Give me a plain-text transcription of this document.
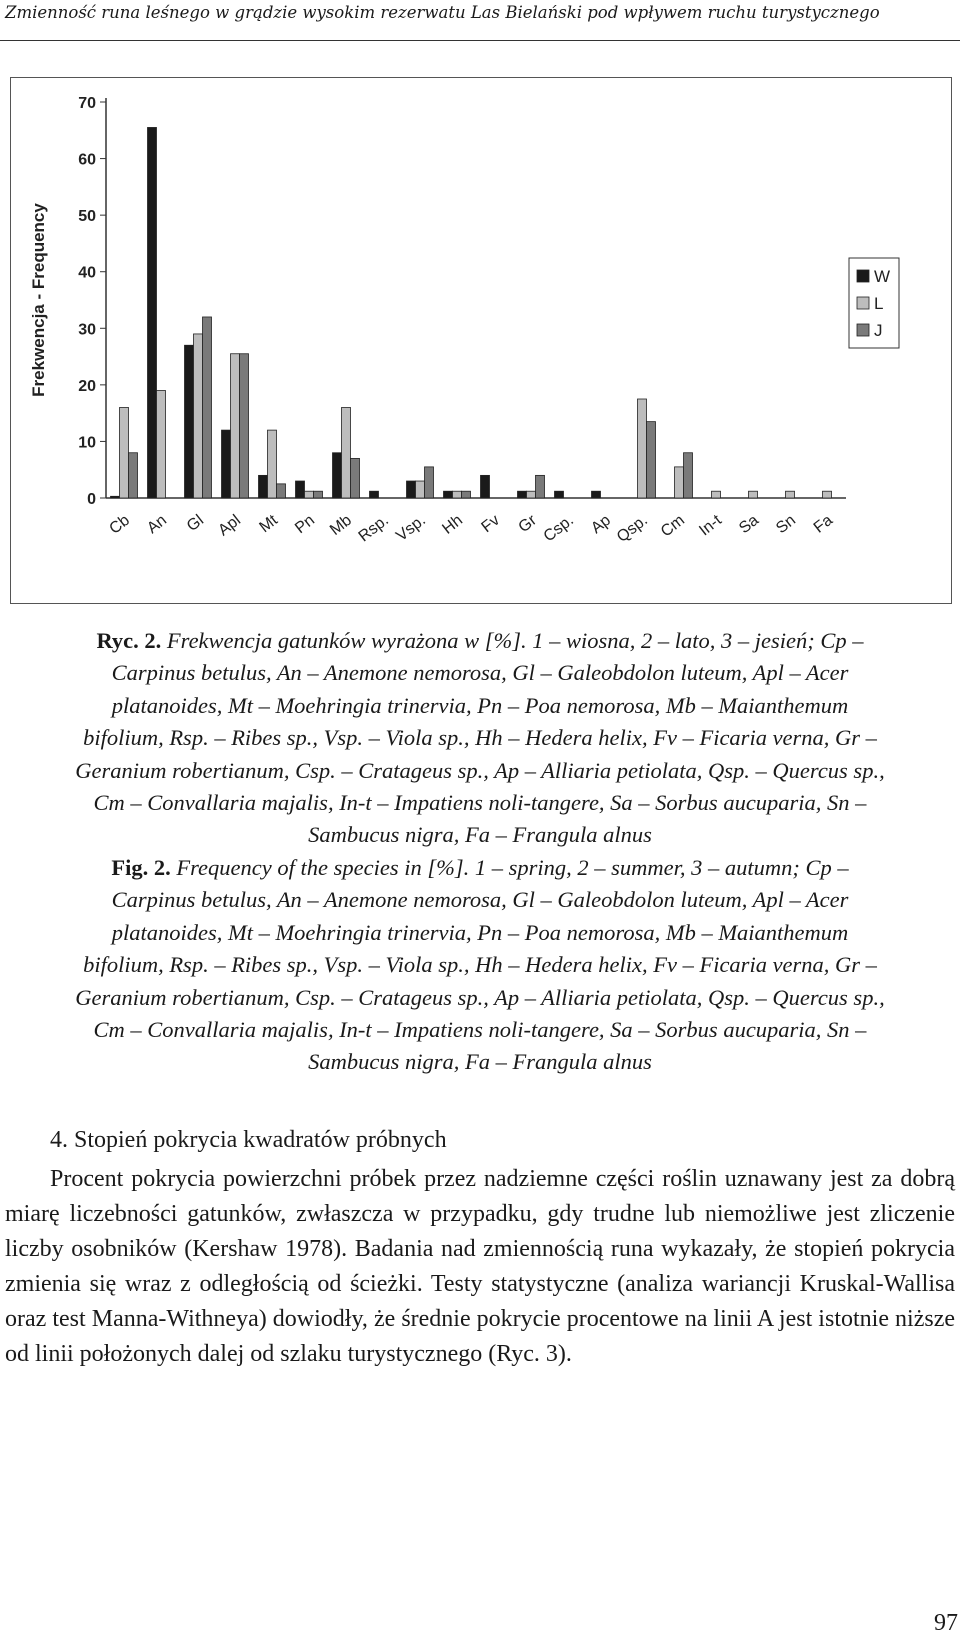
Zmienność runa leśnego w grądzie wysokim rezerwatu Las Bielański pod wpływem ruchu turystycznego
0
10
20
30
40
50
60
70
Frekwencja - Frequency
Cb An Gl Apl Mt Pn Mb Rsp. Vsp. Hh Fv Gr Csp. Ap Qsp. Cm In-t Sa Sn Fa
W
L
J
Ryc. 2. Frekwencja gatunków wyrażona w [%]. 1 – wiosna, 2 – lato, 3 – jesień; Cp –
Carpinus betulus, An – Anemone nemorosa, Gl – Galeobdolon luteum, Apl – Acer
platanoides, Mt – Moehringia trinervia, Pn – Poa nemorosa, Mb – Maianthemum
bifolium, Rsp. – Ribes sp., Vsp. – Viola sp., Hh – Hedera helix, Fv – Ficaria verna, Gr –
Geranium robertianum, Csp. – Cratageus sp., Ap – Alliaria petiolata, Qsp. – Quercus sp.,
Cm – Convallaria majalis, In-t – Impatiens noli-tangere, Sa – Sorbus aucuparia, Sn –
Sambucus nigra, Fa – Frangula alnus
Fig. 2. Frequency of the species in [%]. 1 – spring, 2 – summer, 3 – autumn; Cp –
Carpinus betulus, An – Anemone nemorosa, Gl – Galeobdolon luteum, Apl – Acer
platanoides, Mt – Moehringia trinervia, Pn – Poa nemorosa, Mb – Maianthemum
bifolium, Rsp. – Ribes sp., Vsp. – Viola sp., Hh – Hedera helix, Fv – Ficaria verna, Gr –
Geranium robertianum, Csp. – Cratageus sp., Ap – Alliaria petiolata, Qsp. – Quercus sp.,
Cm – Convallaria majalis, In-t – Impatiens noli-tangere, Sa – Sorbus aucuparia, Sn –
Sambucus nigra, Fa – Frangula alnus
4. Stopień pokrycia kwadratów próbnych

Procent pokrycia powierzchni próbek przez nadziemne części roślin uznawany jest za dobrą miarę liczebności gatunków, zwłaszcza w przypadku, gdy trudne lub niemożliwe jest zliczenie liczby osobników (Kershaw 1978). Badania nad zmiennością runa wykazały, że stopień pokrycia zmienia się wraz z odległością od ścieżki. Testy statystyczne (analiza wariancji Kruskal-Wallisa oraz test Manna-Withneya) dowiodły, że średnie pokrycie procentowe na linii A jest istotnie niższe od linii położonych dalej od szlaku turystycznego (Ryc. 3).

97
